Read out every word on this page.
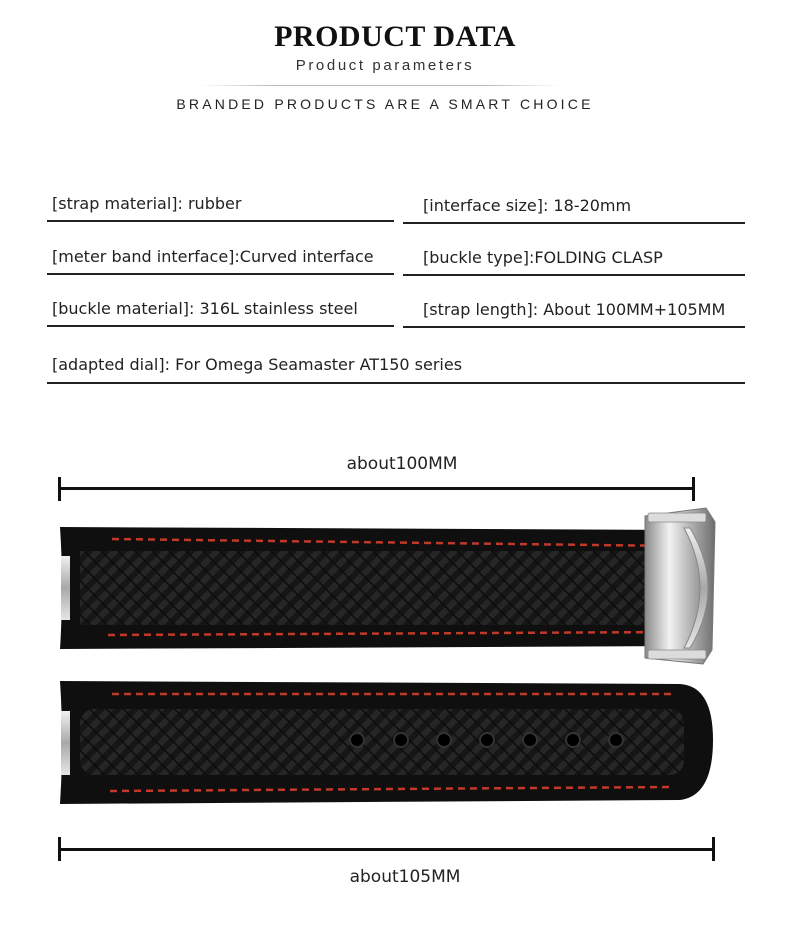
PRODUCT DATA
Product parameters
BRANDED PRODUCTS ARE A SMART CHOICE
[strap material]: rubber	[interface size]: 18-20mm
[meter band interface]:Curved interface	[buckle type]:FOLDING CLASP
[buckle material]: 316L stainless steel	[strap length]: About 100MM+105MM
[adapted dial]: For Omega Seamaster AT150 series
about100MM
about105MM
